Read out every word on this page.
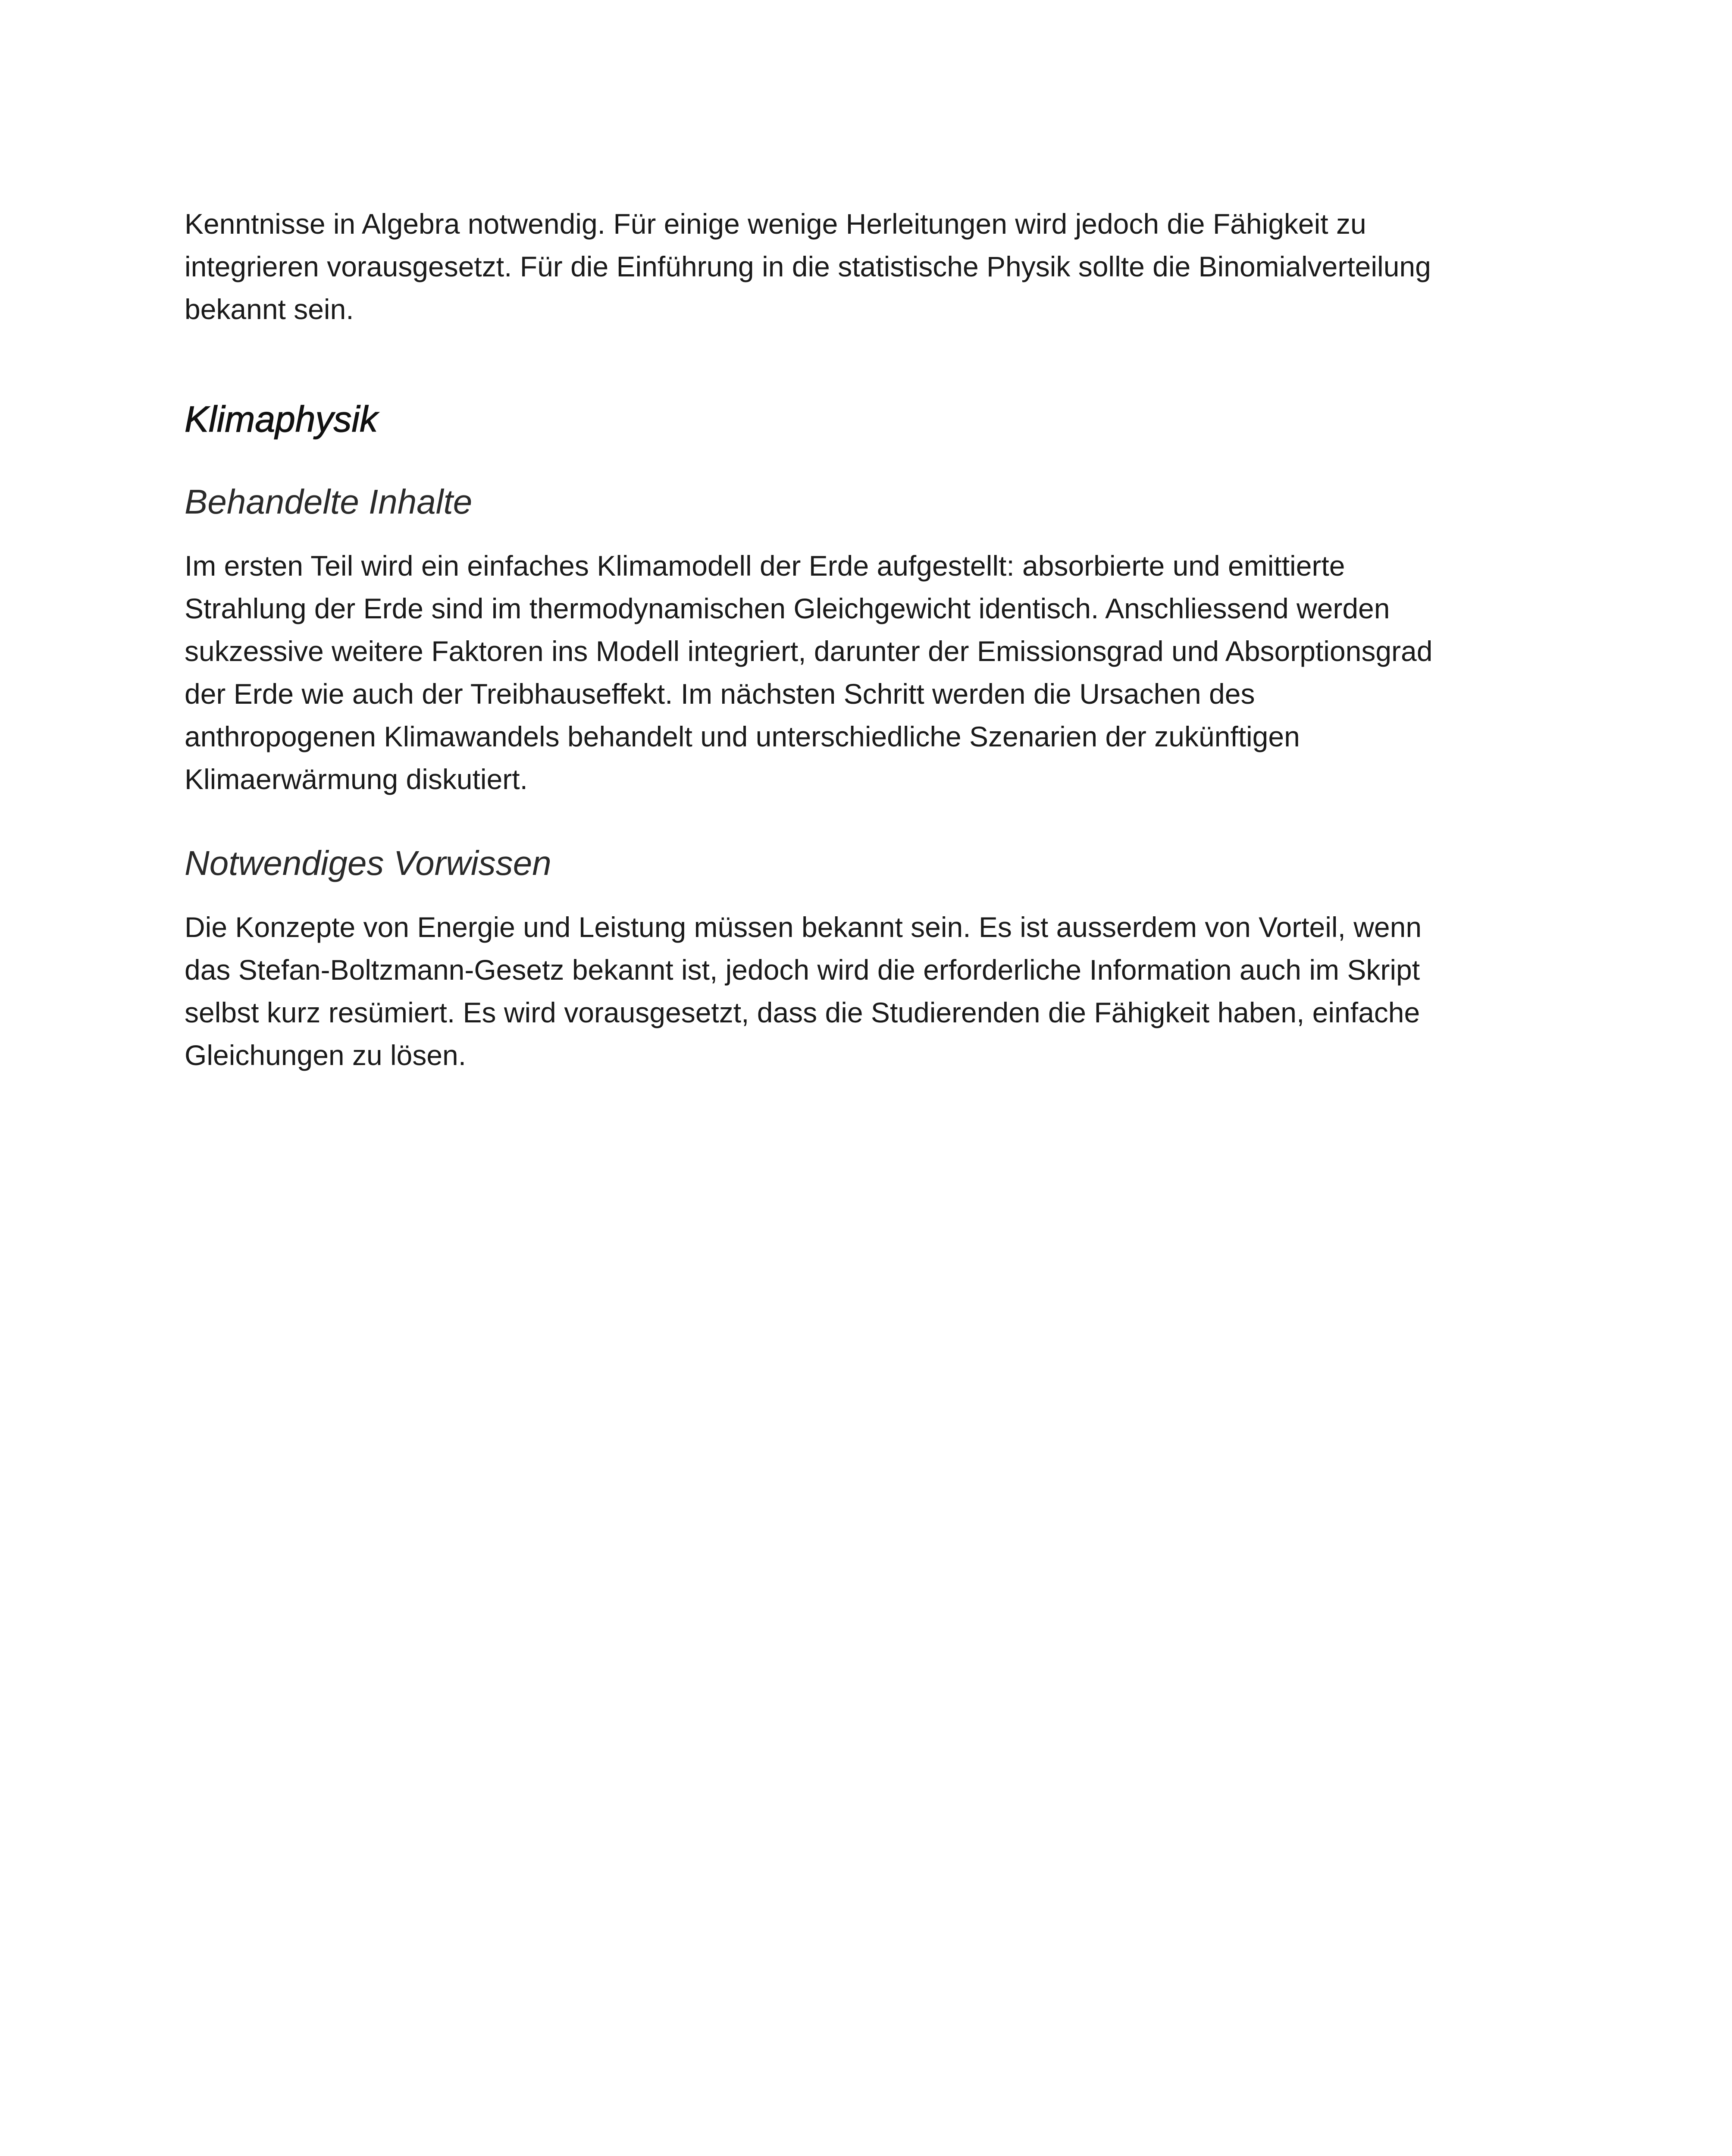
Kenntnisse in Algebra notwendig. Für einige wenige Herleitungen wird jedoch die Fähigkeit zu

integrieren vorausgesetzt. Für die Einführung in die statistische Physik sollte die Binomialverteilung

bekannt sein.

Klimaphysik
Behandelte Inhalte

Im ersten Teil wird ein einfaches Klimamodell der Erde aufgestellt: absorbierte und emittierte

Strahlung der Erde sind im thermodynamischen Gleichgewicht identisch. Anschliessend werden

sukzessive weitere Faktoren ins Modell integriert, darunter der Emissionsgrad und Absorptionsgrad

der Erde wie auch der Treibhauseffekt. Im nächsten Schritt werden die Ursachen des

anthropogenen Klimawandels behandelt und unterschiedliche Szenarien der zukünftigen

Klimaerwärmung diskutiert.

Notwendiges Vorwissen

Die Konzepte von Energie und Leistung müssen bekannt sein. Es ist ausserdem von Vorteil, wenn

das Stefan-Boltzmann-Gesetz bekannt ist, jedoch wird die erforderliche Information auch im Skript

selbst kurz resümiert. Es wird vorausgesetzt, dass die Studierenden die Fähigkeit haben, einfache

Gleichungen zu lösen.
